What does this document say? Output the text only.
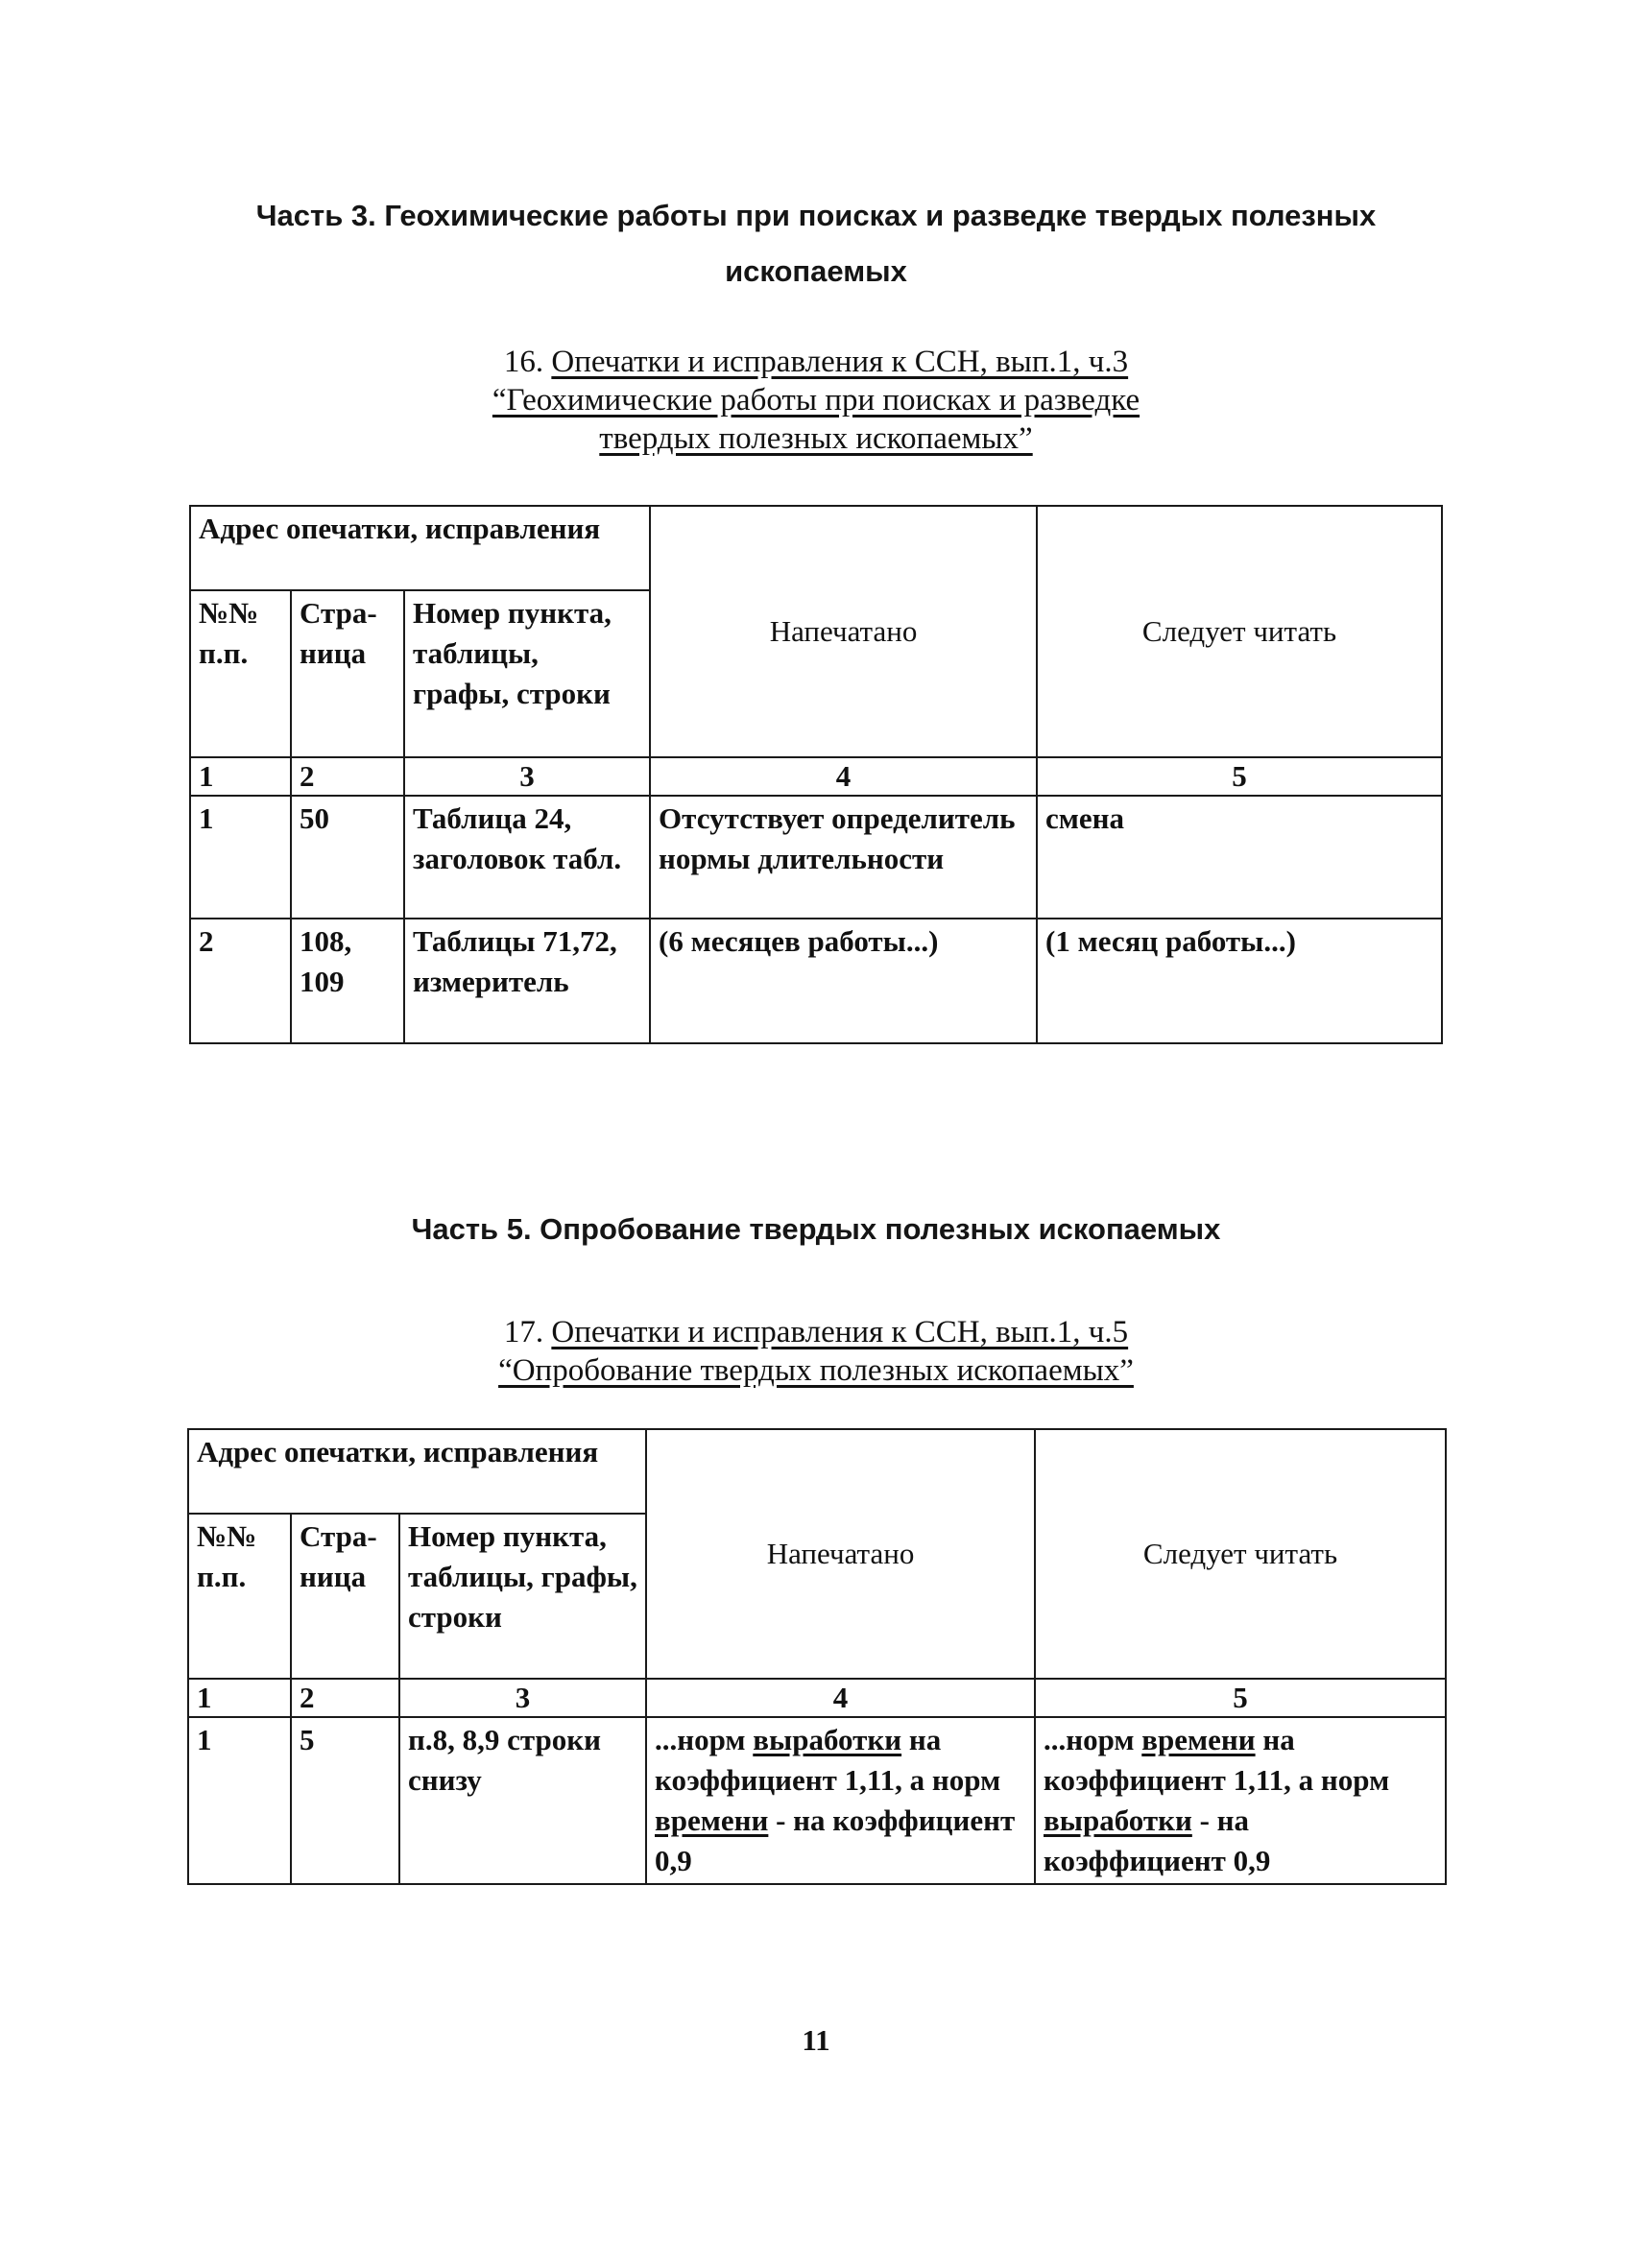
Часть 3. Геохимические работы при поисках и разведке твердых полезных
ископаемых
16. Опечатки и исправления к ССН, вып.1, ч.3
“Геохимические работы при поисках и разведке
твердых полезных ископаемых”
Адрес опечатки, исправления			Напечатано	Следует читать
№№ п.п.	Стра-ница	Номер пункта, таблицы, графы, строки		
1	2	3	4	5
1	50	Таблица 24, заголовок табл.	Отсутствует определитель нормы длительности	смена
2	108, 109	Таблицы 71,72, измеритель	(6 месяцев работы...)	(1 месяц работы...)
Часть 5. Опробование твердых полезных ископаемых
17. Опечатки и исправления к ССН, вып.1, ч.5
“Опробование твердых полезных ископаемых”
Адрес опечатки, исправления			Напечатано	Следует читать
№№ п.п.	Стра-ница	Номер пункта, таблицы, графы, строки		
1	2	3	4	5
1	5	п.8, 8,9 строки снизу	...норм выработки на коэффициент 1,11, а норм времени - на коэффициент 0,9	...норм времени на коэффициент 1,11, а норм выработки - на коэффициент 0,9
11
